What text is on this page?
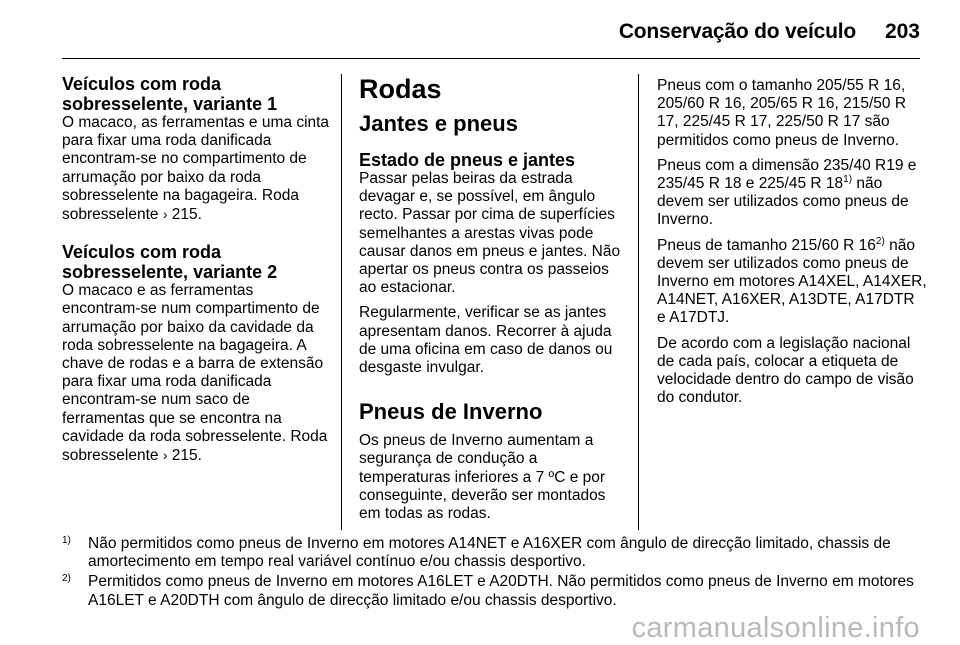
Conservação do veículo 203
Veículos com roda sobresselente, variante 1

O macaco, as ferramentas e uma cinta para fixar uma roda danificada encontram-se no compartimento de arrumação por baixo da roda sobresselente na bagageira. Roda sobresselente › 215.

Veículos com roda sobresselente, variante 2

O macaco e as ferramentas encontram-se num compartimento de arrumação por baixo da cavidade da roda sobresselente na bagageira. A chave de rodas e a barra de extensão para fixar uma roda danificada encontram-se num saco de ferramentas que se encontra na cavidade da roda sobresselente. Roda sobresselente › 215.

Rodas
Jantes e pneus
Estado de pneus e jantes

Passar pelas beiras da estrada devagar e, se possível, em ângulo recto. Passar por cima de superfícies semelhantes a arestas vivas pode causar danos em pneus e jantes. Não apertar os pneus contra os passeios ao estacionar.

Regularmente, verificar se as jantes apresentam danos. Recorrer à ajuda de uma oficina em caso de danos ou desgaste invulgar.

Pneus de Inverno

Os pneus de Inverno aumentam a segurança de condução a temperaturas inferiores a 7 ºC e por conseguinte, deverão ser montados em todas as rodas.

Pneus com o tamanho 205/55 R 16, 205/60 R 16, 205/65 R 16, 215/50 R 17, 225/45 R 17, 225/50 R 17 são permitidos como pneus de Inverno.

Pneus com a dimensão 235/40 R19 e 235/45 R 18 e 225/45 R 18$^{1)}$ não devem ser utilizados como pneus de Inverno.

Pneus de tamanho 215/60 R 16$^{2)}$ não devem ser utilizados como pneus de Inverno em motores A14XEL, A14XER, A14NET, A16XER, A13DTE, A17DTR e A17DTJ.

De acordo com a legislação nacional de cada país, colocar a etiqueta de velocidade dentro do campo de visão do condutor.

1) Não permitidos como pneus de Inverno em motores A14NET e A16XER com ângulo de direcção limitado, chassis de amortecimento em tempo real variável contínuo e/ou chassis desportivo.
2) Permitidos como pneus de Inverno em motores A16LET e A20DTH. Não permitidos como pneus de Inverno em motores A16LET e A20DTH com ângulo de direcção limitado e/ou chassis desportivo.
carmanualsonline.info
